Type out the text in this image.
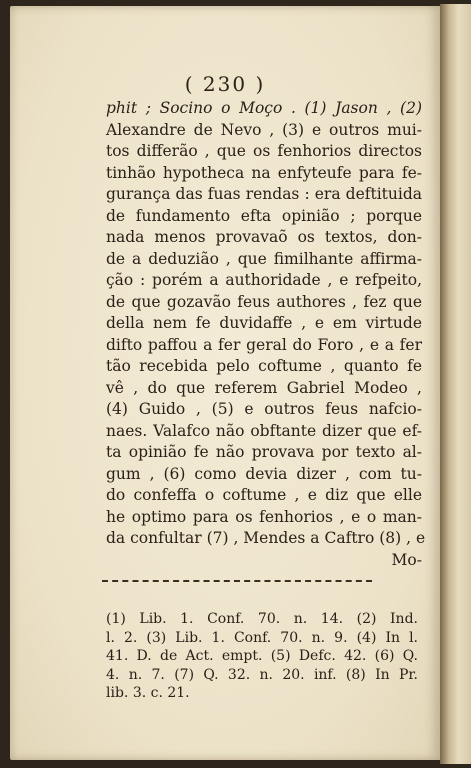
( 230 )
phit ; Socino o Moço . (1) Jason , (2)
Alexandre de Nevo , (3) e outros mui-
tos differão , que os fenhorios directos
tinhão hypotheca na enfyteufe para fe-
gurança das fuas rendas : era deftituida
de fundamento efta opinião ; porque
nada menos provavaõ os textos, don-
de a deduzião , que fimilhante affirma-
ção : porém a authoridade , e refpeito,
de que gozavão feus authores , fez que
della nem fe duvidaffe , e em virtude
difto paffou a fer geral do Foro , e a fer
tão recebida pelo coftume , quanto fe
vê , do que referem Gabriel Modeo ,
(4) Guido , (5) e outros feus nafcio-
naes. Valafco não obftante dizer que ef-
ta opinião fe não provava por texto al-
gum , (6) como devia dizer , com tu-
do confeffa o coftume , e diz que elle
he optimo para os fenhorios , e o man-
da confultar (7) , Mendes a Caftro (8) , e
Mo-
(1) Lib. 1. Conf. 70. n. 14. (2) Ind.
l. 2. (3) Lib. 1. Conf. 70. n. 9. (4) In l.
41. D. de Act. empt. (5) Defc. 42. (6) Q.
4. n. 7. (7) Q. 32. n. 20. inf. (8) In Pr.
lib. 3. c. 21.
